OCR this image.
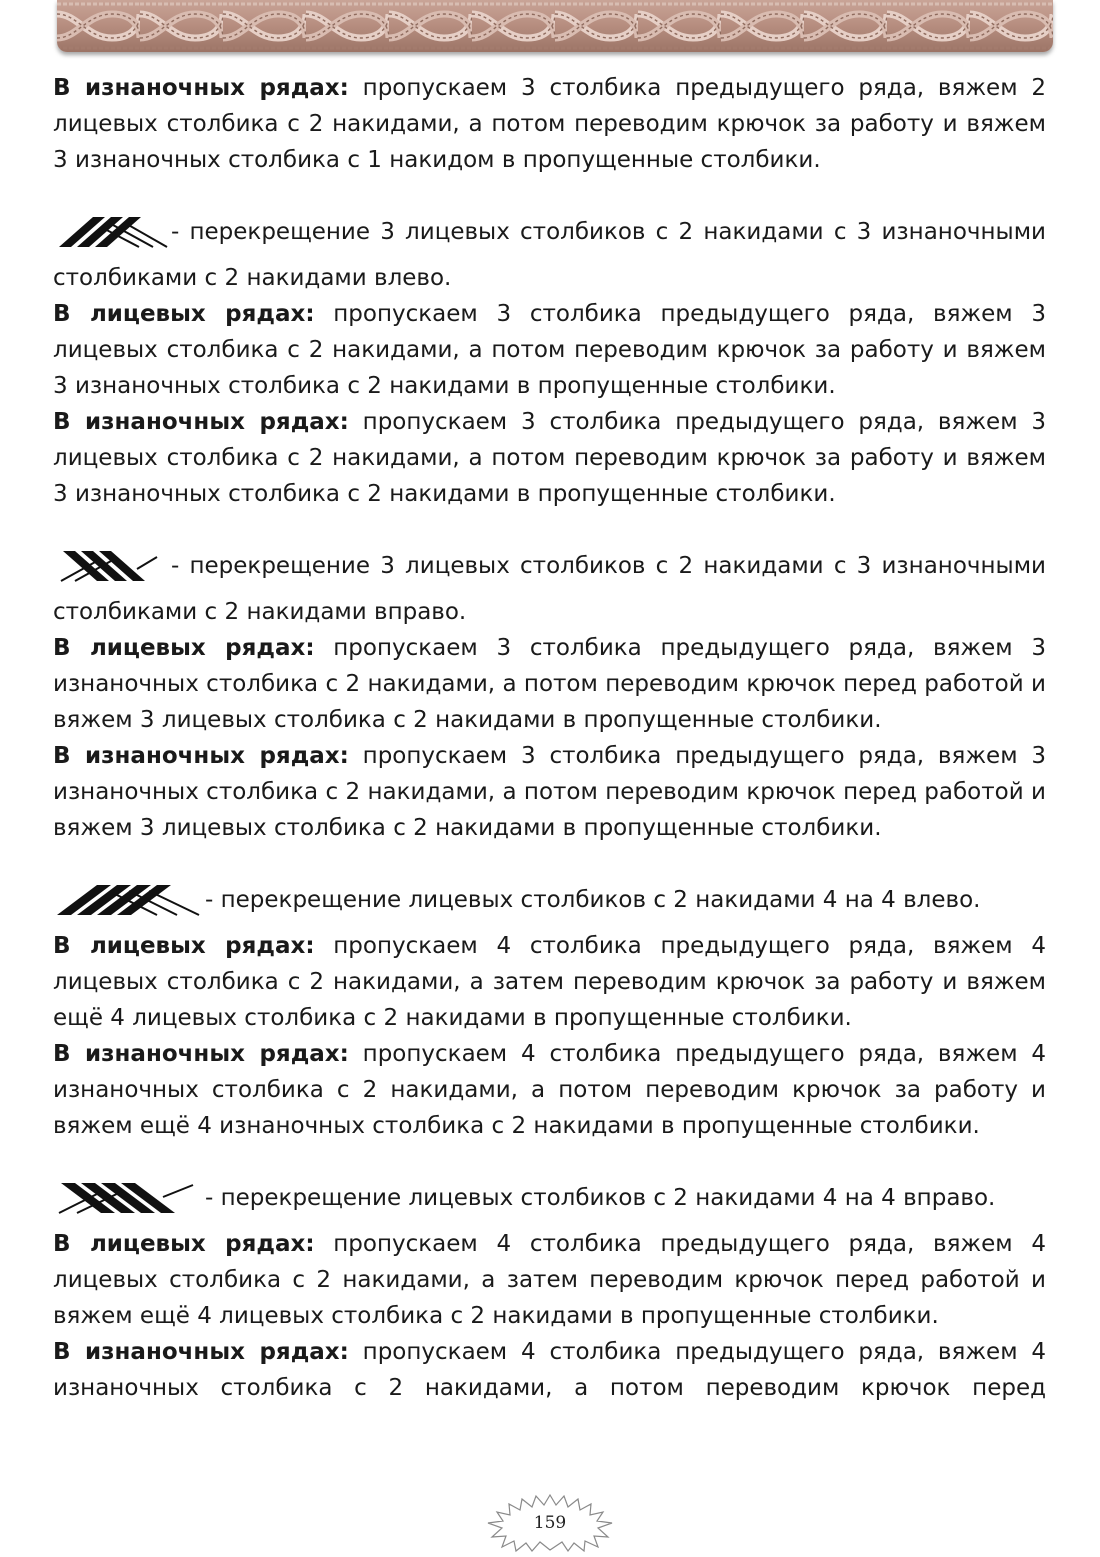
В изнаночных рядах: пропускаем 3 столбика предыдущего ряда, вяжем 2 лицевых столбика с 2 накидами, а потом переводим крючок за работу и вяжем 3 изнаночных столбика с 1 накидом в пропущенные столбики.

- перекрещение 3 лицевых столбиков с 2 накидами с 3 изнаночными столбиками с 2 накидами влево.

В лицевых рядах: пропускаем 3 столбика предыдущего ряда, вяжем 3 лицевых столбика с 2 накидами, а потом переводим крючок за работу и вяжем 3 изнаночных столбика с 2 накидами в пропущенные столбики.

В изнаночных рядах: пропускаем 3 столбика предыдущего ряда, вяжем 3 лицевых столбика с 2 накидами, а потом переводим крючок за работу и вяжем 3 изнаночных столбика с 2 накидами в пропущенные столбики.

- перекрещение 3 лицевых столбиков с 2 накидами с 3 изнаночными столбиками с 2 накидами вправо.

В лицевых рядах: пропускаем 3 столбика предыдущего ряда, вяжем 3 изнаночных столбика с 2 накидами, а потом переводим крючок перед работой и вяжем 3 лицевых столбика с 2 накидами в пропущенные столбики.

В изнаночных рядах: пропускаем 3 столбика предыдущего ряда, вяжем 3 изнаночных столбика с 2 накидами, а потом переводим крючок перед работой и вяжем 3 лицевых столбика с 2 накидами в пропущенные столбики.

- перекрещение лицевых столбиков с 2 накидами 4 на 4 влево.

В лицевых рядах: пропускаем 4 столбика предыдущего ряда, вяжем 4 лицевых столбика с 2 накидами, а затем переводим крючок за работу и вяжем ещё 4 лицевых столбика с 2 накидами в пропущенные столбики.

В изнаночных рядах: пропускаем 4 столбика предыдущего ряда, вяжем 4 изнаночных столбика с 2 накидами, а потом переводим крючок за работу и вяжем ещё 4 изнаночных столбика с 2 накидами в пропущенные столбики.

- перекрещение лицевых столбиков с 2 накидами 4 на 4 вправо.

В лицевых рядах: пропускаем 4 столбика предыдущего ряда, вяжем 4 лицевых столбика с 2 накидами, а затем переводим крючок перед работой и вяжем ещё 4 лицевых столбика с 2 накидами в пропущенные столбики.

В изнаночных рядах: пропускаем 4 столбика предыдущего ряда, вяжем 4 изнаночных столбика с 2 накидами, а потом переводим крючок перед

159
